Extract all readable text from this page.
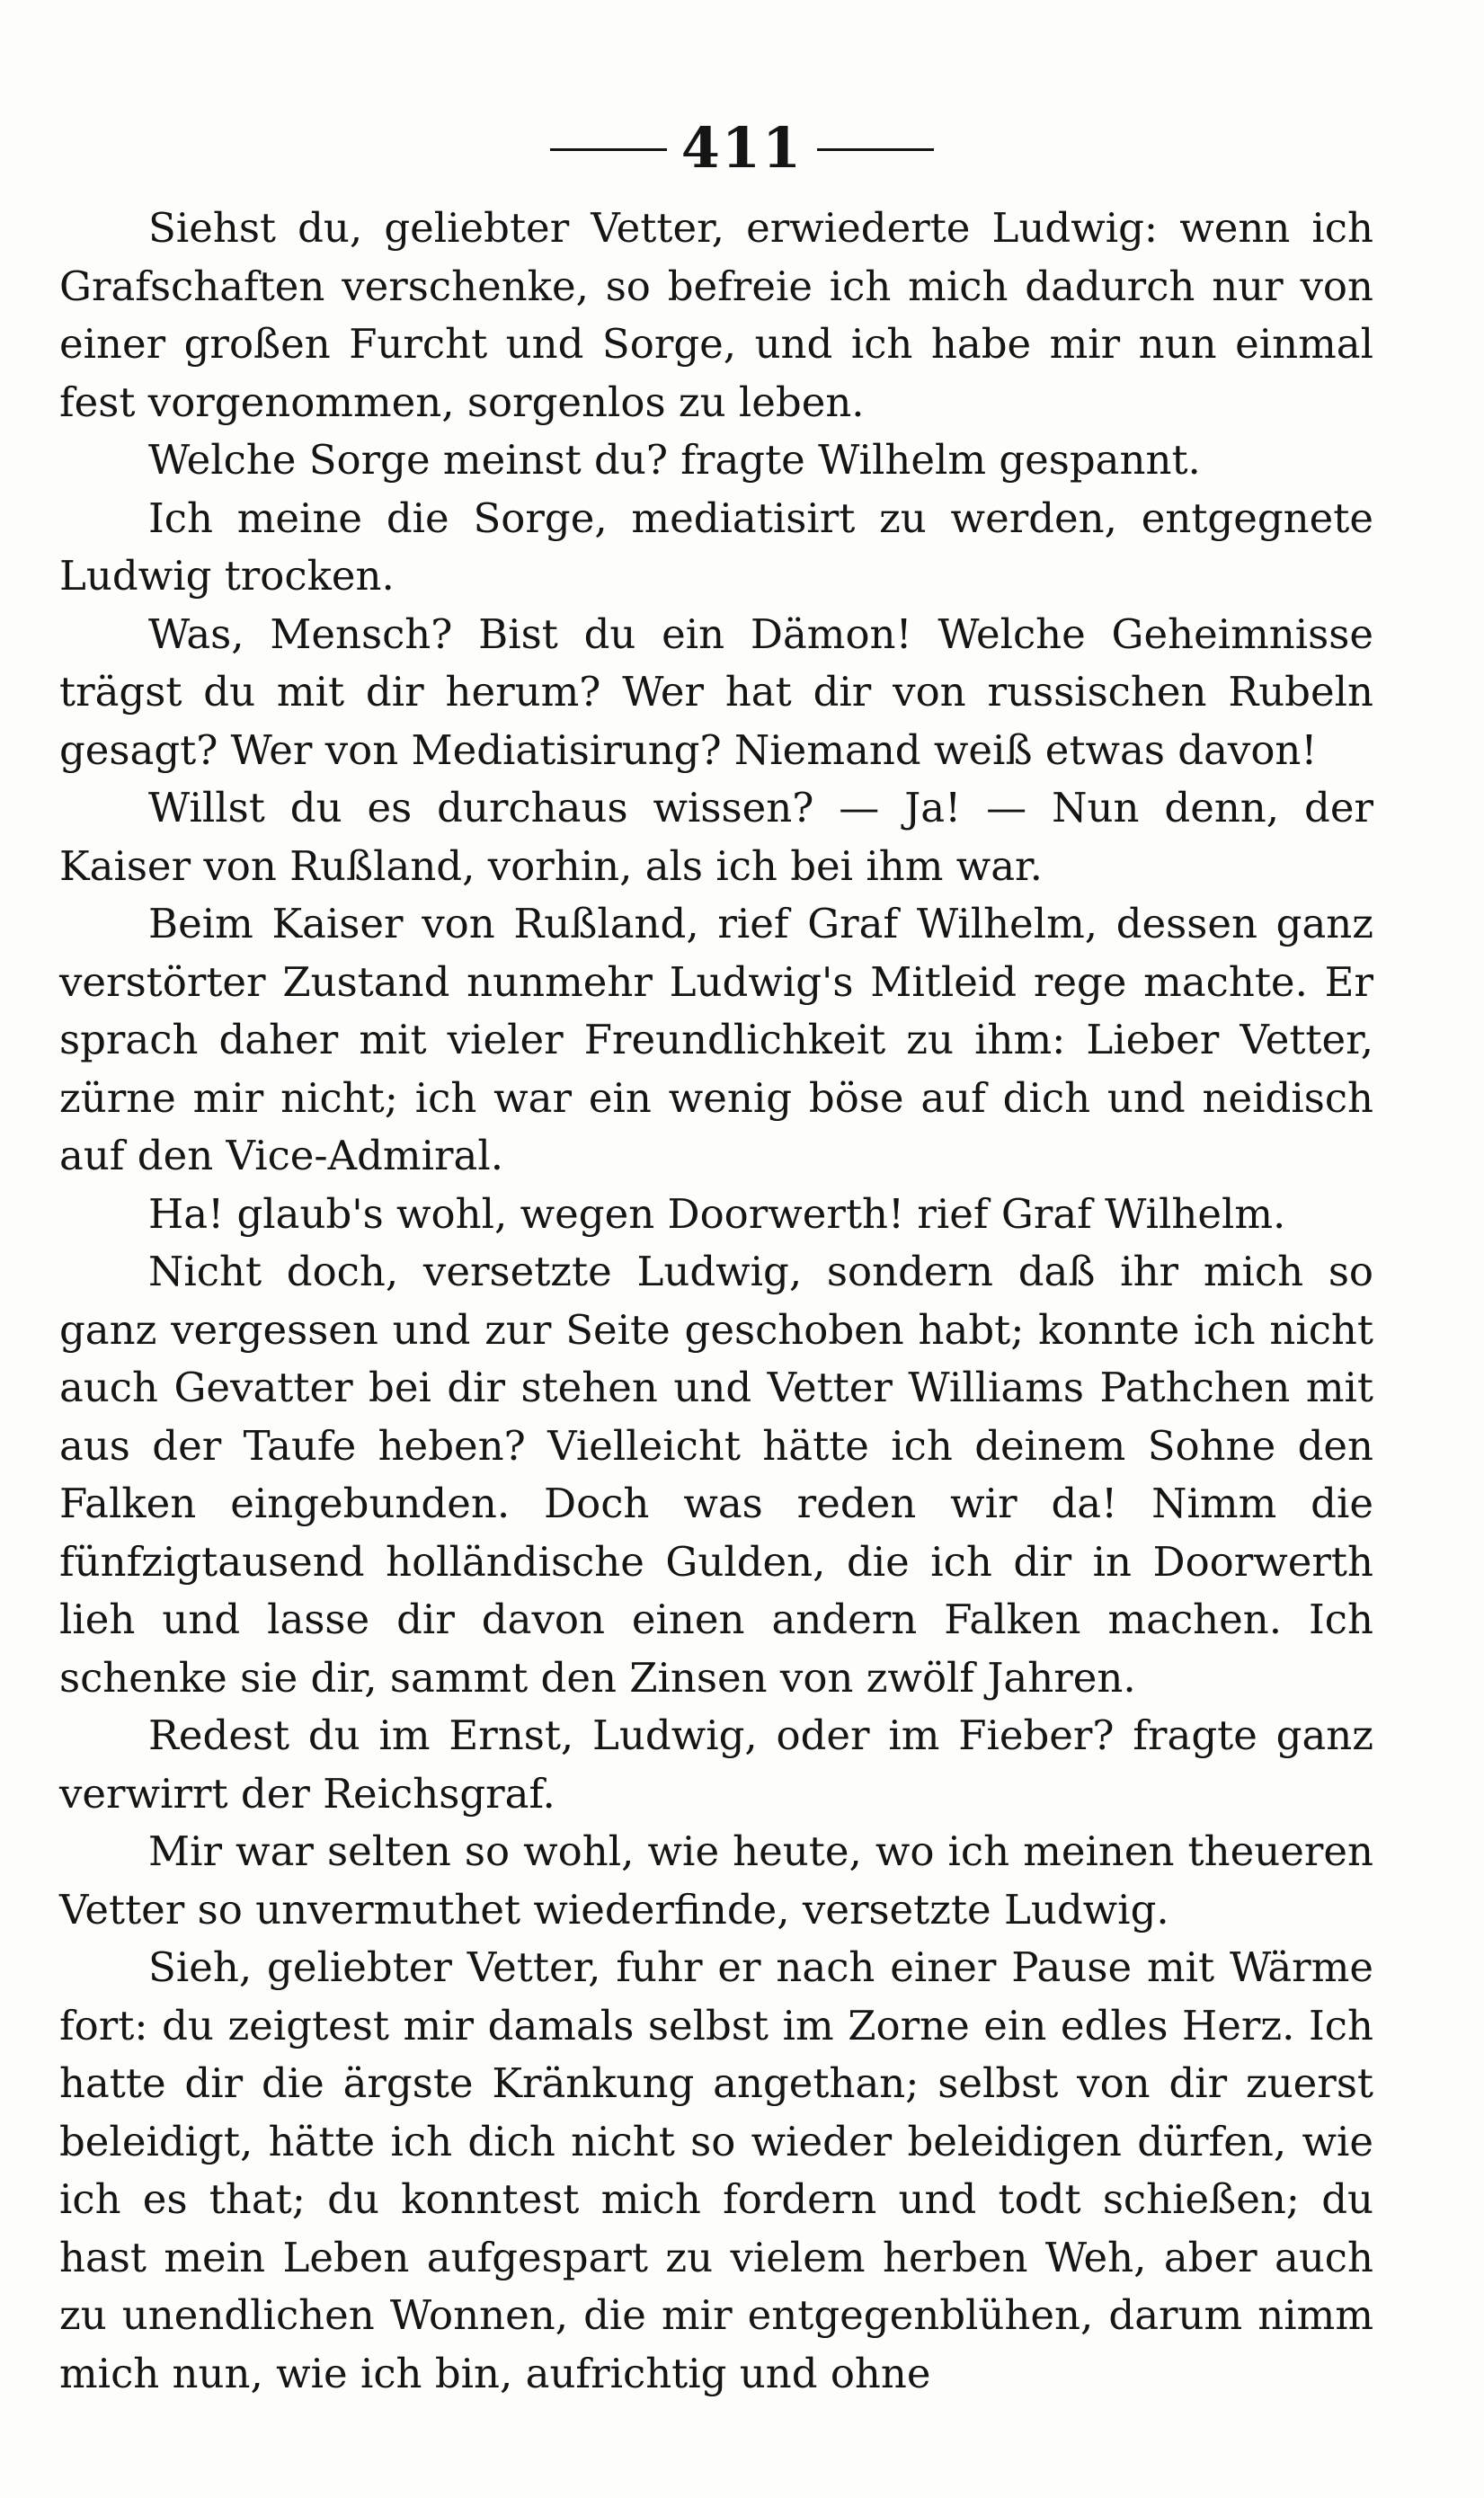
411

Siehst du, geliebter Vetter, erwiederte Ludwig: wenn ich Grafschaften verschenke, so befreie ich mich dadurch nur von einer großen Furcht und Sorge, und ich habe mir nun einmal fest vorgenommen, sorgenlos zu leben.

Welche Sorge meinst du? fragte Wilhelm gespannt.

Ich meine die Sorge, mediatisirt zu werden, entgegnete Ludwig trocken.

Was, Mensch? Bist du ein Dämon! Welche Geheimnisse trägst du mit dir herum? Wer hat dir von russischen Rubeln gesagt? Wer von Mediatisirung? Niemand weiß etwas davon!

Willst du es durchaus wissen? — Ja! — Nun denn, der Kaiser von Rußland, vorhin, als ich bei ihm war.

Beim Kaiser von Rußland, rief Graf Wilhelm, dessen ganz verstörter Zustand nunmehr Ludwig's Mitleid rege machte. Er sprach daher mit vieler Freundlichkeit zu ihm: Lieber Vetter, zürne mir nicht; ich war ein wenig böse auf dich und neidisch auf den Vice-Admiral.

Ha! glaub's wohl, wegen Doorwerth! rief Graf Wilhelm.

Nicht doch, versetzte Ludwig, sondern daß ihr mich so ganz vergessen und zur Seite geschoben habt; konnte ich nicht auch Gevatter bei dir stehen und Vetter Williams Pathchen mit aus der Taufe heben? Vielleicht hätte ich deinem Sohne den Falken eingebunden. Doch was reden wir da! Nimm die fünfzigtausend holländische Gulden, die ich dir in Doorwerth lieh und lasse dir davon einen andern Falken machen. Ich schenke sie dir, sammt den Zinsen von zwölf Jahren.

Redest du im Ernst, Ludwig, oder im Fieber? fragte ganz verwirrt der Reichsgraf.

Mir war selten so wohl, wie heute, wo ich meinen theueren Vetter so unvermuthet wiederfinde, versetzte Ludwig.

Sieh, geliebter Vetter, fuhr er nach einer Pause mit Wärme fort: du zeigtest mir damals selbst im Zorne ein edles Herz. Ich hatte dir die ärgste Kränkung angethan; selbst von dir zuerst beleidigt, hätte ich dich nicht so wieder beleidigen dürfen, wie ich es that; du konntest mich fordern und todt schießen; du hast mein Leben aufgespart zu vielem herben Weh, aber auch zu unendlichen Wonnen, die mir entgegenblühen, darum nimm mich nun, wie ich bin, aufrichtig und ohne
